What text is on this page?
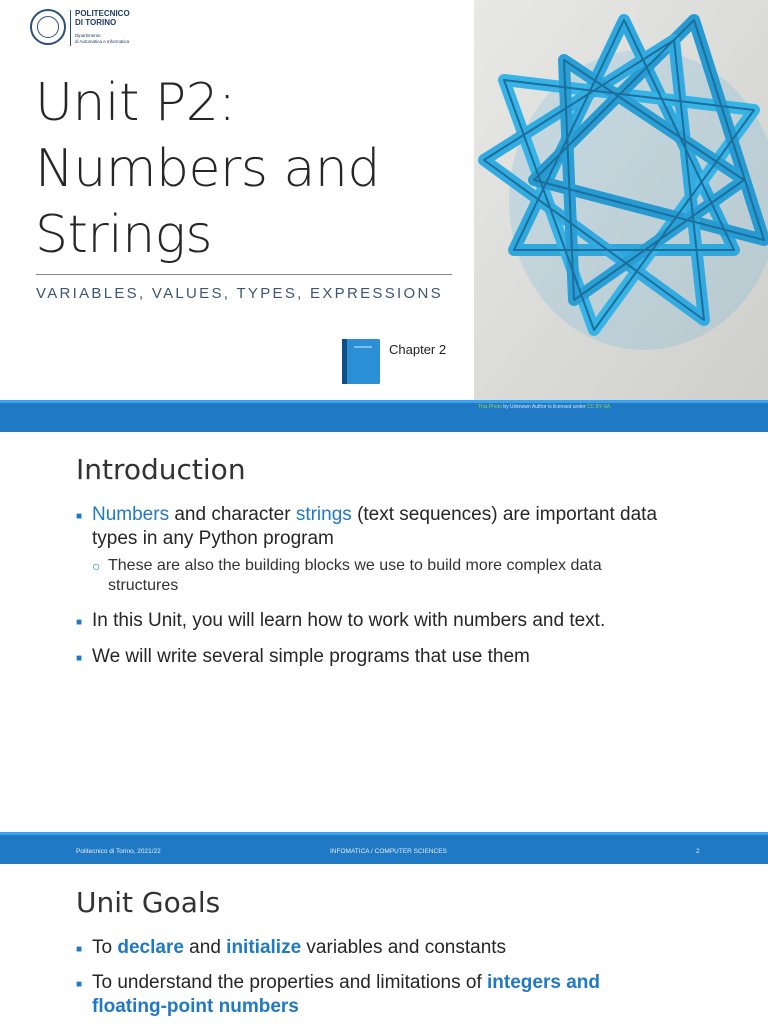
POLITECNICO
DI TORINO
Dipartimento
di Automatica e Informatica
Unit P2:
Numbers and
Strings
VARIABLES, VALUES, TYPES, EXPRESSIONS
Chapter 2
This Photo by Unknown Author is licensed under CC BY-SA
Introduction
■ Numbers and character strings (text sequences) are important data
types in any Python program
○ These are also the building blocks we use to build more complex data
structures
■ In this Unit, you will learn how to work with numbers and text.
■ We will write several simple programs that use them
Politecnico di Torino, 2021/22	INFOMATICA / COMPUTER SCIENCES	2
Unit Goals
■ To declare and initialize variables and constants
■ To understand the properties and limitations of integers and
floating-point numbers
